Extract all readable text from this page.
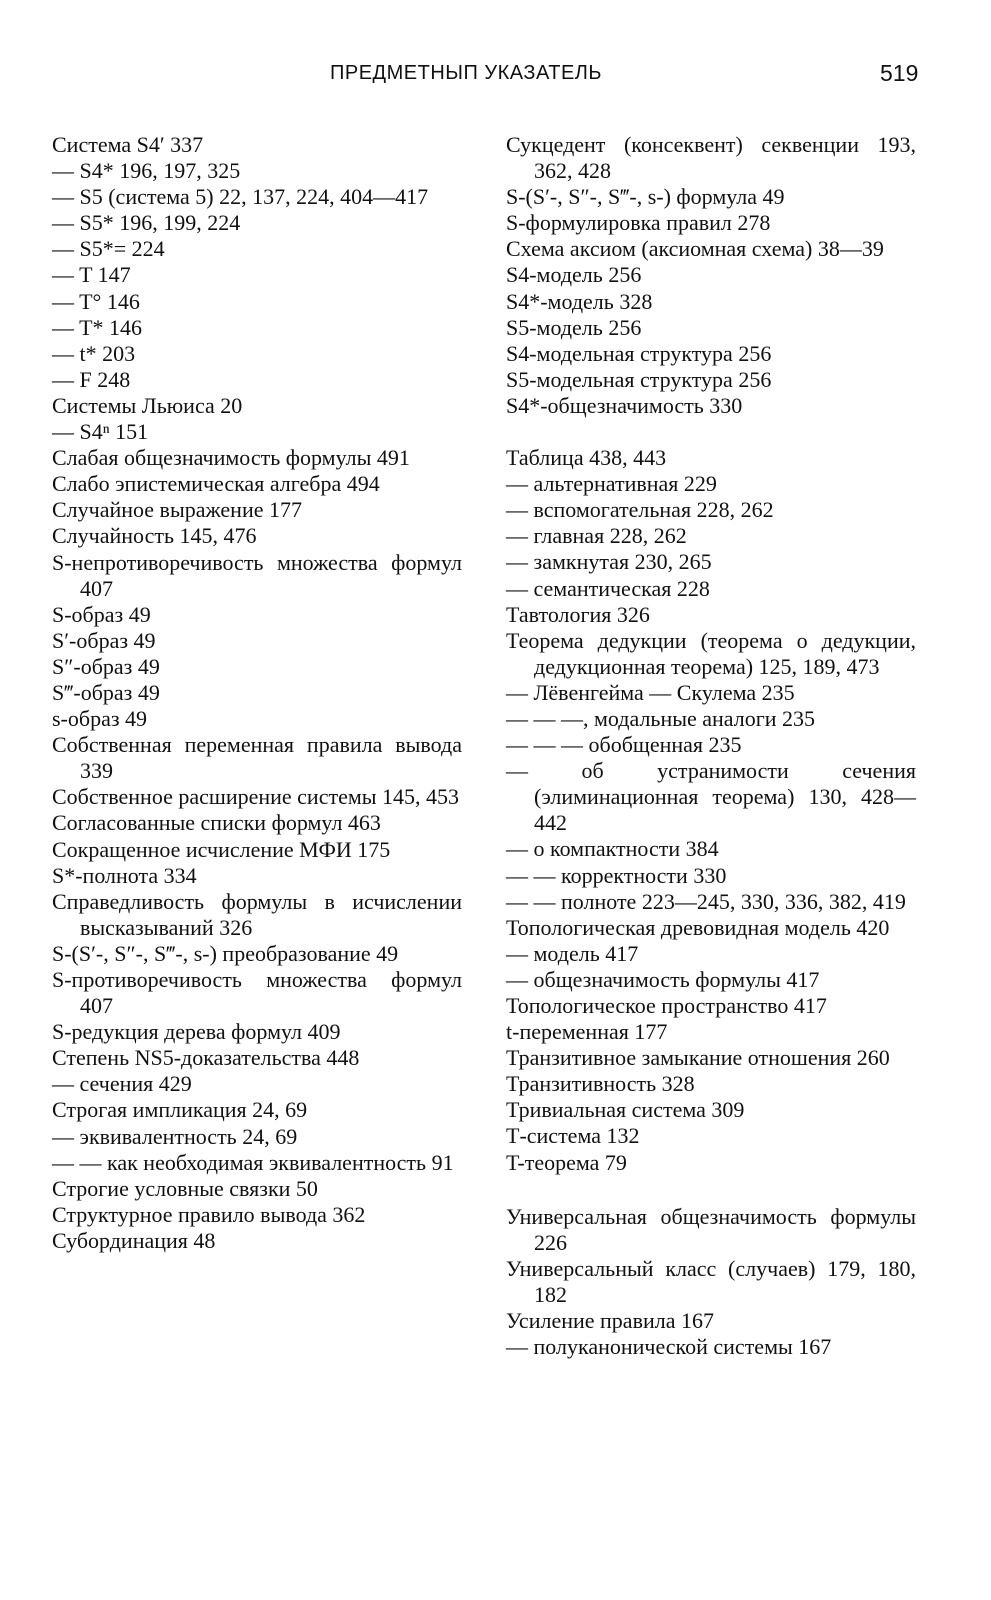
ПРЕДМЕТНЫП УКАЗАТЕЛЬ	519
Система S4′ 337
— S4* 196, 197, 325
— S5 (система 5) 22, 137, 224, 404—417
— S5* 196, 199, 224
— S5*= 224
— T 147
— T° 146
— T* 146
— t* 203
— F 248
Системы Льюиса 20
— S4ⁿ 151
Слабая общезначимость формулы 491
Слабо эпистемическая алгебра 494
Случайное выражение 177
Случайность 145, 476
S-непротиворечивость множества формул 407
S-образ 49
S′-образ 49
S″-образ 49
S‴-образ 49
s-образ 49
Собственная переменная правила вывода 339
Собственное расширение системы 145, 453
Согласованные списки формул 463
Сокращенное исчисление МФИ 175
S*-полнота 334
Справедливость формулы в исчислении высказываний 326
S-(S′-, S″-, S‴-, s-) преобразование 49
S-противоречивость множества формул 407
S-редукция дерева формул 409
Степень NS5-доказательства 448
— сечения 429
Строгая импликация 24, 69
— эквивалентность 24, 69
— — как необходимая эквивалентность 91
Строгие условные связки 50
Структурное правило вывода 362
Субординация 48
Сукцедент (консеквент) секвенции 193, 362, 428
S-(S′-, S″-, S‴-, s-) формула 49
S-формулировка правил 278
Схема аксиом (аксиомная схема) 38—39
S4-модель 256
S4*-модель 328
S5-модель 256
S4-модельная структура 256
S5-модельная структура 256
S4*-общезначимость 330
Таблица 438, 443
— альтернативная 229
— вспомогательная 228, 262
— главная 228, 262
— замкнутая 230, 265
— семантическая 228
Тавтология 326
Теорема дедукции (теорема о дедукции, дедукционная теорема) 125, 189, 473
— Лёвенгейма — Скулема 235
— — —, модальные аналоги 235
— — — обобщенная 235
— об устранимости сечения (элиминационная теорема) 130, 428—442
— о компактности 384
— — корректности 330
— — полноте 223—245, 330, 336, 382, 419
Топологическая древовидная модель 420
— модель 417
— общезначимость формулы 417
Топологическое пространство 417
t-переменная 177
Транзитивное замыкание отношения 260
Транзитивность 328
Тривиальная система 309
Т-система 132
T-теорема 79
Универсальная общезначимость формулы 226
Универсальный класс (случаев) 179, 180, 182
Усиление правила 167
— полуканонической системы 167
